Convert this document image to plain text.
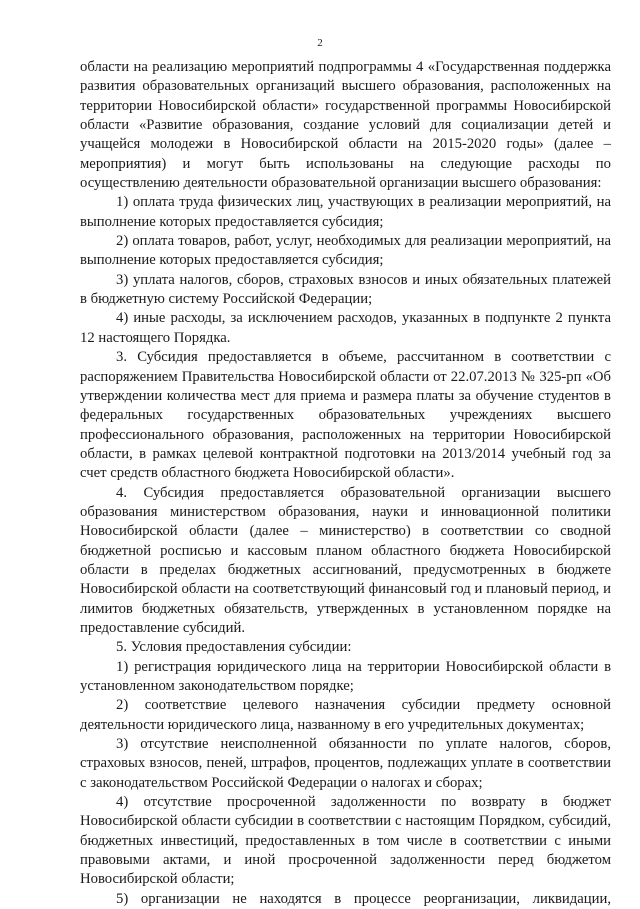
2

области на реализацию мероприятий подпрограммы 4 «Государственная поддержка развития образовательных организаций высшего образования, расположенных на территории Новосибирской области» государственной программы Новосибирской области «Развитие образования, создание условий для социализации детей и учащейся молодежи в Новосибирской области на 2015-2020 годы» (далее – мероприятия) и могут быть использованы на следующие расходы по осуществлению деятельности образовательной организации высшего образования:

1) оплата труда физических лиц, участвующих в реализации мероприятий, на выполнение которых предоставляется субсидия;

2) оплата товаров, работ, услуг, необходимых для реализации мероприятий, на выполнение которых предоставляется субсидия;

3) уплата налогов, сборов, страховых взносов и иных обязательных платежей в бюджетную систему Российской Федерации;

4) иные расходы, за исключением расходов, указанных в подпункте 2 пункта 12 настоящего Порядка.

3. Субсидия предоставляется в объеме, рассчитанном в соответствии с распоряжением Правительства Новосибирской области от 22.07.2013 № 325-рп «Об утверждении количества мест для приема и размера платы за обучение студентов в федеральных государственных образовательных учреждениях высшего профессионального образования, расположенных на территории Новосибирской области, в рамках целевой контрактной подготовки на 2013/2014 учебный год за счет средств областного бюджета Новосибирской области».

4. Субсидия предоставляется образовательной организации высшего образования министерством образования, науки и инновационной политики Новосибирской области (далее – министерство) в соответствии со сводной бюджетной росписью и кассовым планом областного бюджета Новосибирской области в пределах бюджетных ассигнований, предусмотренных в бюджете Новосибирской области на соответствующий финансовый год и плановый период, и лимитов бюджетных обязательств, утвержденных в установленном порядке на предоставление субсидий.

5. Условия предоставления субсидии:

1) регистрация юридического лица на территории Новосибирской области в установленном законодательством порядке;

2) соответствие целевого назначения субсидии предмету основной деятельности юридического лица, названному в его учредительных документах;

3) отсутствие неисполненной обязанности по уплате налогов, сборов, страховых взносов, пеней, штрафов, процентов, подлежащих уплате в соответствии с законодательством Российской Федерации о налогах и сборах;

4) отсутствие просроченной задолженности по возврату в бюджет Новосибирской области субсидии в соответствии с настоящим Порядком, субсидий, бюджетных инвестиций, предоставленных в том числе в соответствии с иными правовыми актами, и иной просроченной задолженности перед бюджетом Новосибирской области;

5) организации не находятся в процессе реорганизации, ликвидации,
